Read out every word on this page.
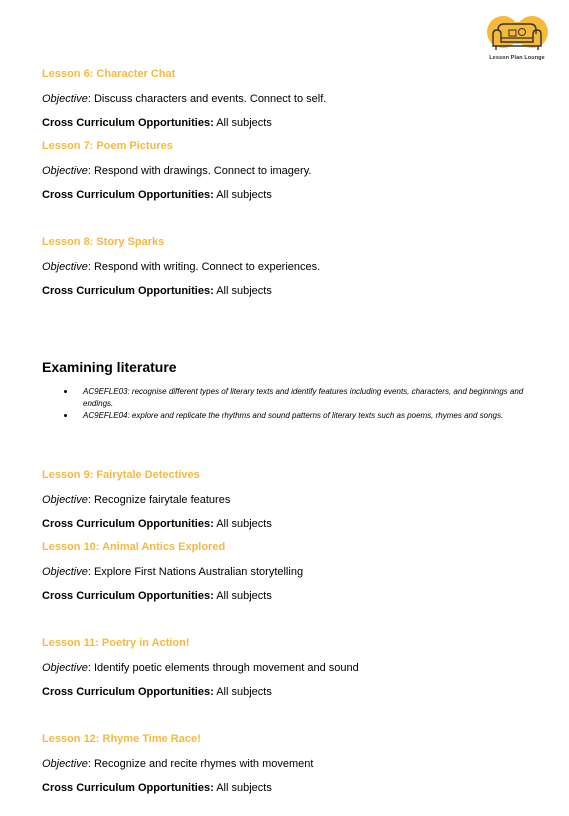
Lesson Plan Lounge
Lesson 6: Character Chat
Objective: Discuss characters and events. Connect to self.
Cross Curriculum Opportunities: All subjects
Lesson 7: Poem Pictures
Objective: Respond with drawings. Connect to imagery.
Cross Curriculum Opportunities: All subjects
Lesson 8: Story Sparks
Objective: Respond with writing. Connect to experiences.
Cross Curriculum Opportunities: All subjects
Examining literature
AC9EFLE03: recognise different types of literary texts and identify features including events, characters, and beginnings and endings.
AC9EFLE04: explore and replicate the rhythms and sound patterns of literary texts such as poems, rhymes and songs.
Lesson 9: Fairytale Detectives
Objective: Recognize fairytale features
Cross Curriculum Opportunities: All subjects
Lesson 10: Animal Antics Explored
Objective: Explore First Nations Australian storytelling
Cross Curriculum Opportunities: All subjects
Lesson 11: Poetry in Action!
Objective: Identify poetic elements through movement and sound
Cross Curriculum Opportunities: All subjects
Lesson 12: Rhyme Time Race!
Objective: Recognize and recite rhymes with movement
Cross Curriculum Opportunities: All subjects
